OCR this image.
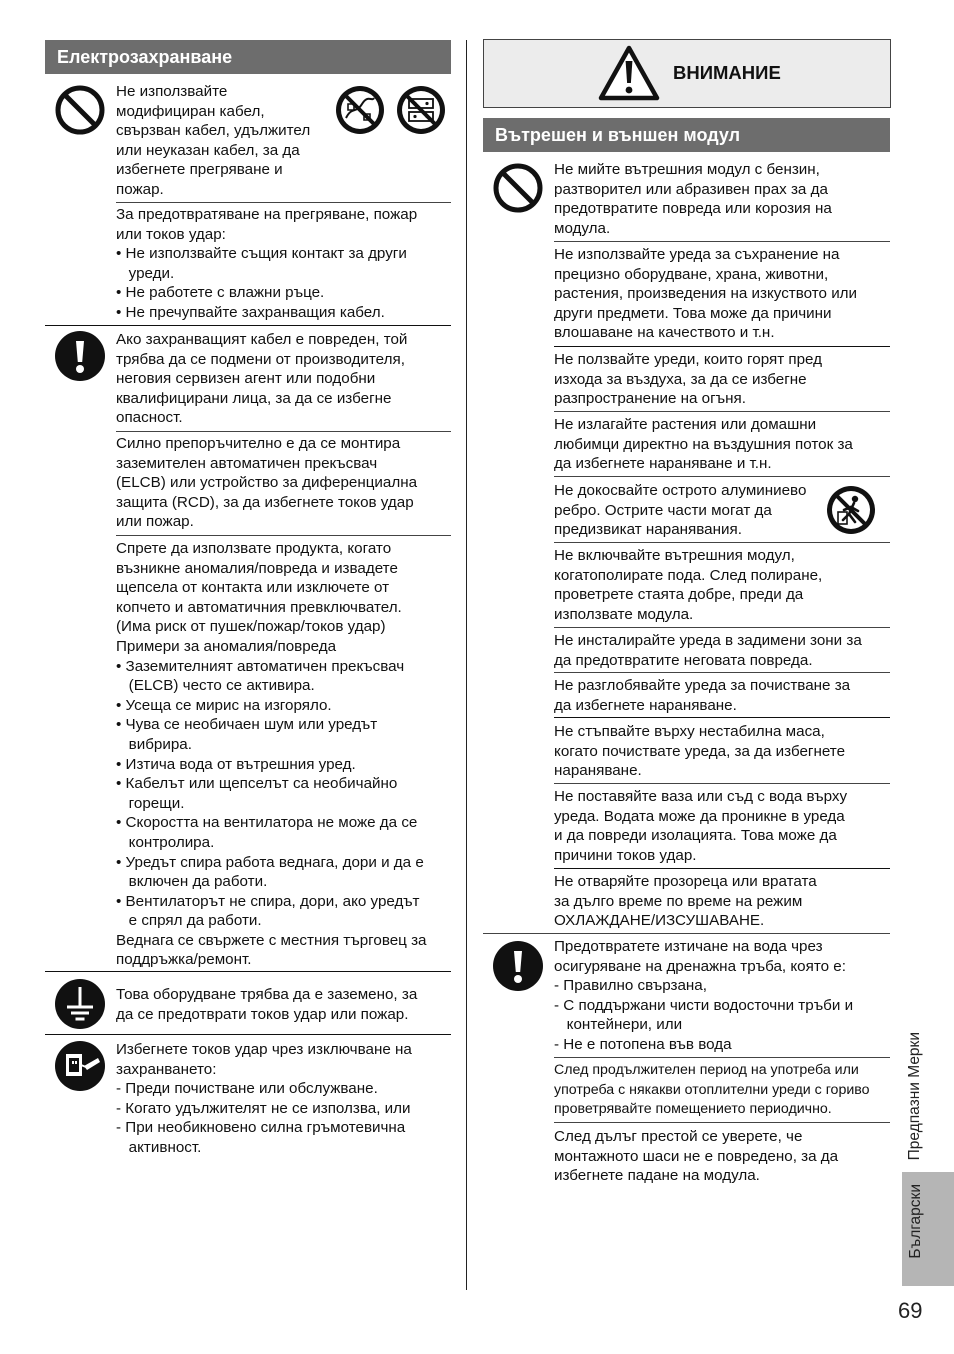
Електрозахранване
Не използвайте
модифициран кабел,
свързван кабел, удължител
или неуказан кабел, за да
избегнете прегряване и
пожар.
За предотвратяване на прегряване, пожар
или токов удар:
• Не използвайте същия контакт за други
уреди.
• Не работете с влажни ръце.
• Не пречупвайте захранващия кабел.
Ако захранващият кабел е повреден, той
трябва да се подмени от производителя,
неговия сервизен агент или подобни
квалифицирани лица, за да се избегне
опасност.
Силно препоръчително е да се монтира
заземителен автоматичен прекъсвач
(ELCB) или устройство за диференциална
защита (RCD), за да избегнете токов удар
или пожар.
Спрете да използвате продукта, когато
възникне аномалия/повреда и извадете
щепсела от контакта или изключете от
копчето и автоматичния превключвател.
(Има риск от пушек/пожар/токов удар)
Примери за аномалия/повреда
• Заземителният автоматичен прекъсвач
(ELCB) често се активира.
• Усеща се мирис на изгоряло.
• Чува се необичаен шум или уредът
вибрира.
• Изтича вода от вътрешния уред.
• Кабелът или щепселът са необичайно
горещи.
• Скоростта на вентилатора не може да се
контролира.
• Уредът спира работа веднага, дори и да е
включен да работи.
• Вентилаторът не спира, дори, ако уредът
е спрял да работи.
Веднага се свържете с местния търговец за
поддръжка/ремонт.
Това оборудване трябва да е заземено, за
да се предотврати токов удар или пожар.
Избегнете токов удар чрез изключване на
захранването:
- Преди почистване или обслужване.
- Когато удължителят не се използва, или
- При необикновено силна гръмотевична
активност.
ВНИМАНИЕ
Вътрешен и външен модул
Не мийте вътрешния модул с бензин,
разтворител или абразивен прах за да
предотвратите повреда или корозия на
модула.
Не използвайте уреда за съхранение на
прецизно оборудване, храна, животни,
растения, произведения на изкуството или
други предмети. Това може да причини
влошаване на качеството и т.н.
Не ползвайте уреди, които горят пред
изхода за въздуха, за да се избегне
разпространение на огъня.
Не излагайте растения или домашни
любимци директно на въздушния поток за
да избегнете нараняване и т.н.
Не докосвайте острото алуминиево
ребро. Острите части могат да
предизвикат наранявания.
Не включвайте вътрешния модул,
когатополирате пода. След полиране,
проветрете стаята добре, преди да
използвате модула.
Не инсталирайте уреда в задимени зони за
да предотвратите неговата повреда.
Не разглобявайте уреда за почистване за
да избегнете нараняване.
Не стъпвайте върху нестабилна маса,
когато почиствате уреда, за да избегнете
нараняване.
Не поставяйте ваза или съд с вода върху
уреда. Водата може да проникне в уреда
и да повреди изолацията. Това може да
причини токов удар.
Не отваряйте прозореца или вратата
за дълго време по време на режим
ОХЛАЖДАНЕ/ИЗСУШАВАНЕ.
Предотвратете изтичане на вода чрез
осигуряване на дренажна тръба, която е:
- Правилно свързана,
- С поддържани чисти водосточни тръби и
контейнери, или
- Не е потопена във вода
След продължителен период на употреба или
употреба с някакви отоплителни уреди с гориво
проветрявайте помещението периодично.
След дълъг престой се уверете, че
монтажното шаси не е повредено, за да
избегнете падане на модула.
Предпазни Мерки
Български
69
